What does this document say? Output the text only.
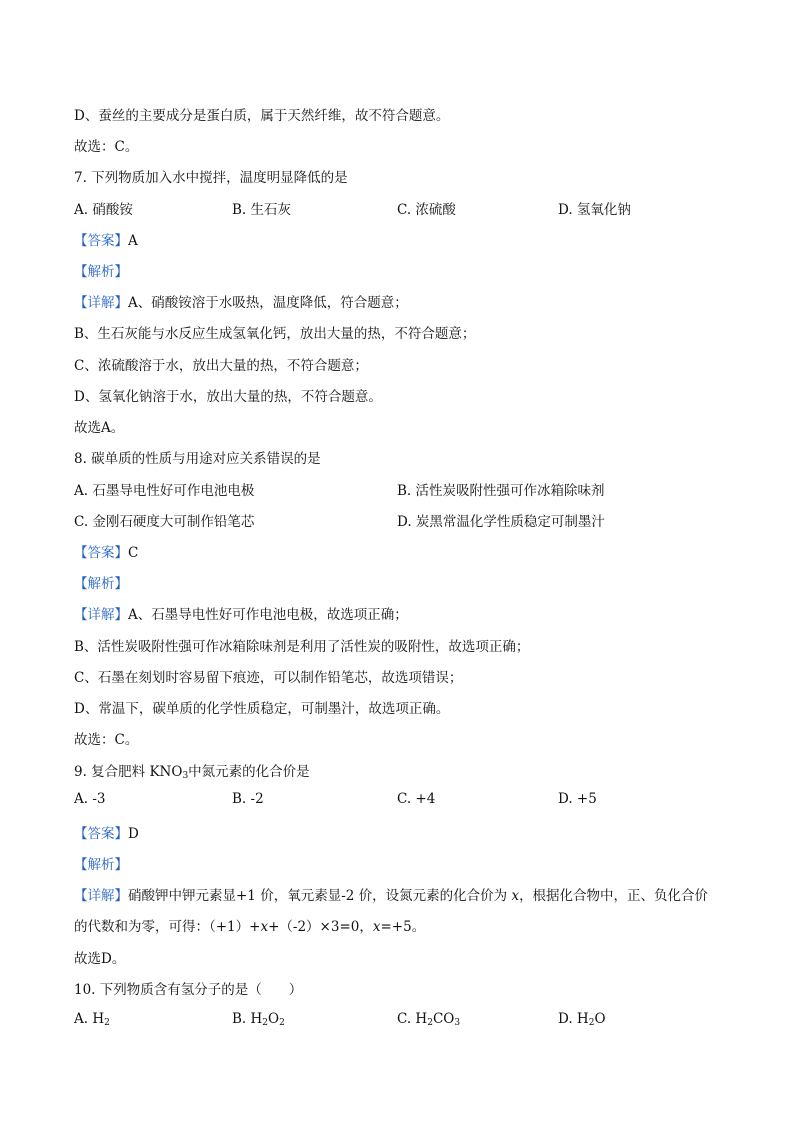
D、蚕丝的主要成分是蛋白质，属于天然纤维，故不符合题意。
故选：C。
7. 下列物质加入水中搅拌，温度明显降低的是
A. 硝酸铵	B. 生石灰	C. 浓硫酸	D. 氢氧化钠
【答案】A
【解析】
【详解】A、硝酸铵溶于水吸热，温度降低，符合题意；
B、生石灰能与水反应生成氢氧化钙，放出大量的热，不符合题意；
C、浓硫酸溶于水，放出大量的热，不符合题意；
D、氢氧化钠溶于水，放出大量的热，不符合题意。
故选A。
8. 碳单质的性质与用途对应关系错误的是
A. 石墨导电性好可作电池电极	B. 活性炭吸附性强可作冰箱除味剂
C. 金刚石硬度大可制作铅笔芯	D. 炭黑常温化学性质稳定可制墨汁
【答案】C
【解析】
【详解】A、石墨导电性好可作电池电极，故选项正确；
B、活性炭吸附性强可作冰箱除味剂是利用了活性炭的吸附性，故选项正确；
C、石墨在刻划时容易留下痕迹，可以制作铅笔芯，故选项错误；
D、常温下，碳单质的化学性质稳定，可制墨汁，故选项正确。
故选：C。
9. 复合肥料 $KNO_3$中氮元素的化合价是
A. -3	B. -2	C. +4	D. +5
【答案】D
【解析】
【详解】硝酸钾中钾元素显+1 价，氧元素显-2 价，设氮元素的化合价为 x，根据化合物中，正、负化合价
的代数和为零，可得：（+1）+x+（-2）×3=0，x=+5。
故选D。
10. 下列物质含有氢分子的是（　　）
A. $H_2$	B. $H_2O_2$	C. $H_2CO_3$	D. $H_2O$
